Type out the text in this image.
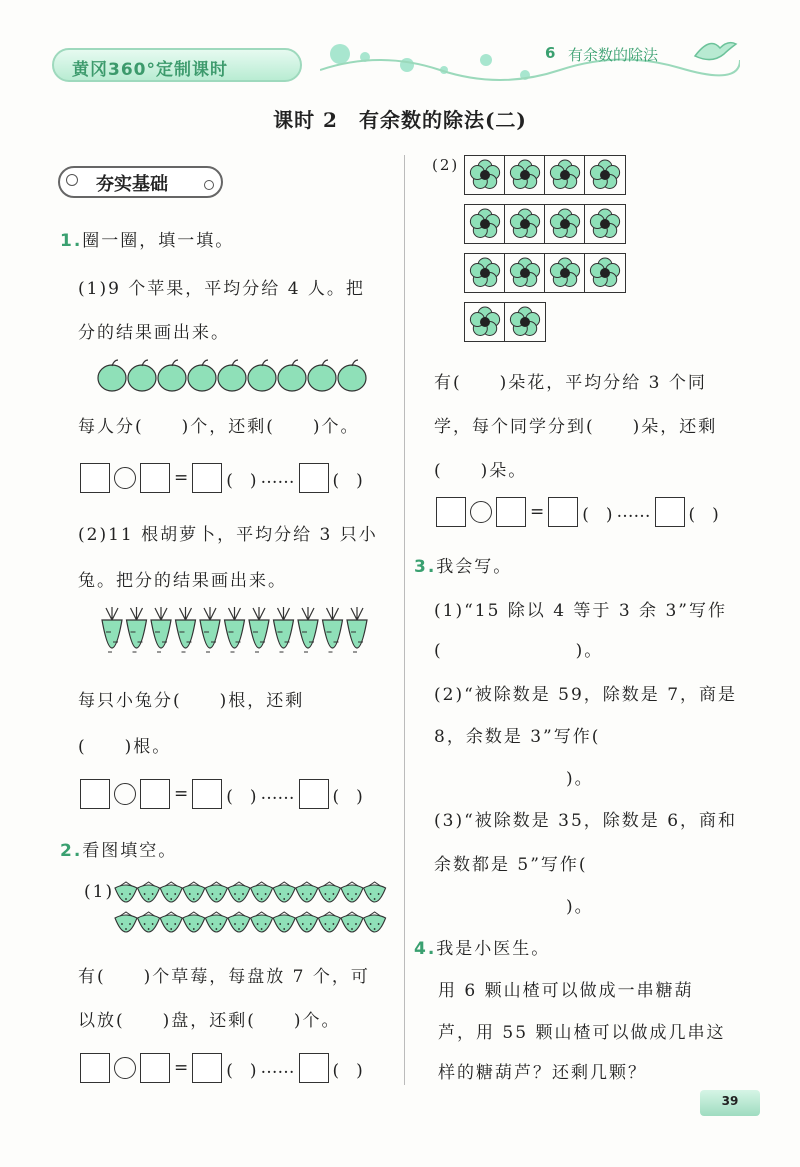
黄冈360°定制课时
6 有余数的除法
课时 2　有余数的除法(二)
夯实基础
1.圈一圈，填一填。
(1)9 个苹果，平均分给 4 人。把
分的结果画出来。
每人分(　　)个，还剩(　　)个。
= (　) …… (　)
(2)11 根胡萝卜，平均分给 3 只小
兔。把分的结果画出来。
每只小兔分(　　)根，还剩
(　　)根。
= (　) …… (　)
2.看图填空。
(1)
有(　　)个草莓，每盘放 7 个，可
以放(　　)盘，还剩(　　)个。
= (　) …… (　)
(2)
有(　　)朵花，平均分给 3 个同
学，每个同学分到(　　)朵，还剩
(　　)朵。
= (　) …… (　)
3.我会写。
(1)“15 除以 4 等于 3 余 3”写作
(　　　　　　　)。
(2)“被除数是 59，除数是 7，商是
8，余数是 3”写作(
)。
(3)“被除数是 35，除数是 6，商和
余数都是 5”写作(
)。
4.我是小医生。
用 6 颗山楂可以做成一串糖葫
芦，用 55 颗山楂可以做成几串这
样的糖葫芦？还剩几颗？
39
